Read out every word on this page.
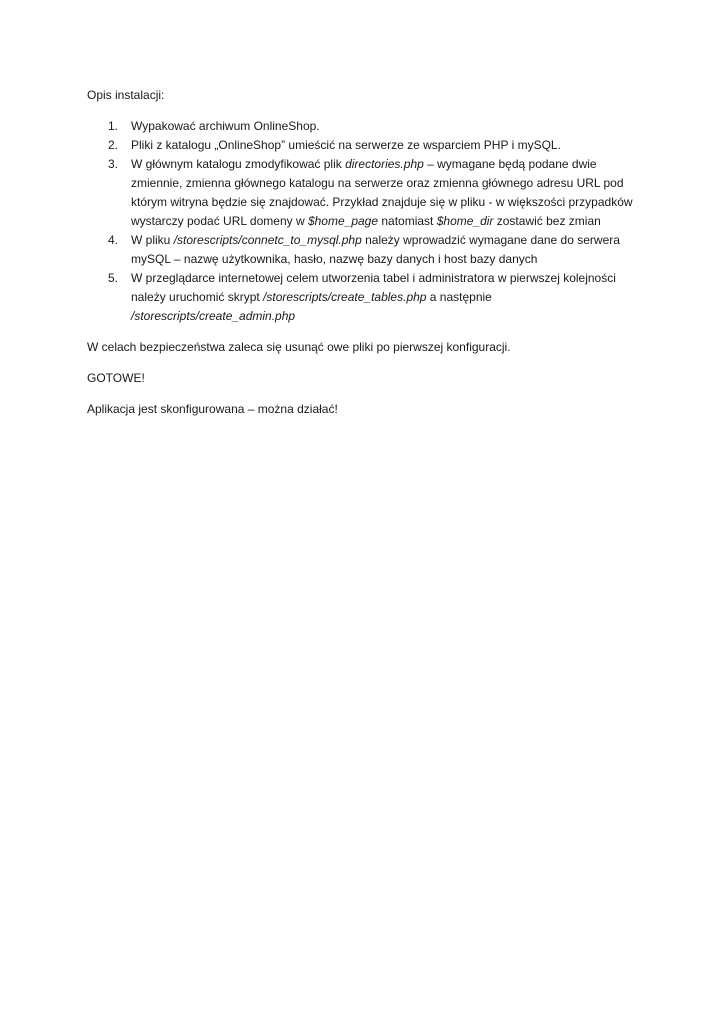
Opis instalacji:

1. Wypakować archiwum OnlineShop.
2. Pliki z katalogu „OnlineShop” umieścić na serwerze ze wsparciem PHP i mySQL.
3. W głównym katalogu zmodyfikować plik directories.php – wymagane będą podane dwie zmiennie, zmienna głównego katalogu na serwerze oraz zmienna głównego adresu URL pod którym witryna będzie się znajdować. Przykład znajduje się w pliku - w większości przypadków wystarczy podać URL domeny w $home_page natomiast $home_dir zostawić bez zmian
4. W pliku /storescripts/connetc_to_mysql.php należy wprowadzić wymagane dane do serwera mySQL – nazwę użytkownika, hasło, nazwę bazy danych i host bazy danych
5. W przeglądarce internetowej celem utworzenia tabel i administratora w pierwszej kolejności należy uruchomić skrypt /storescripts/create_tables.php a następnie /storescripts/create_admin.php

W celach bezpieczeństwa zaleca się usunąć owe pliki po pierwszej konfiguracji.

GOTOWE!

Aplikacja jest skonfigurowana – można działać!
